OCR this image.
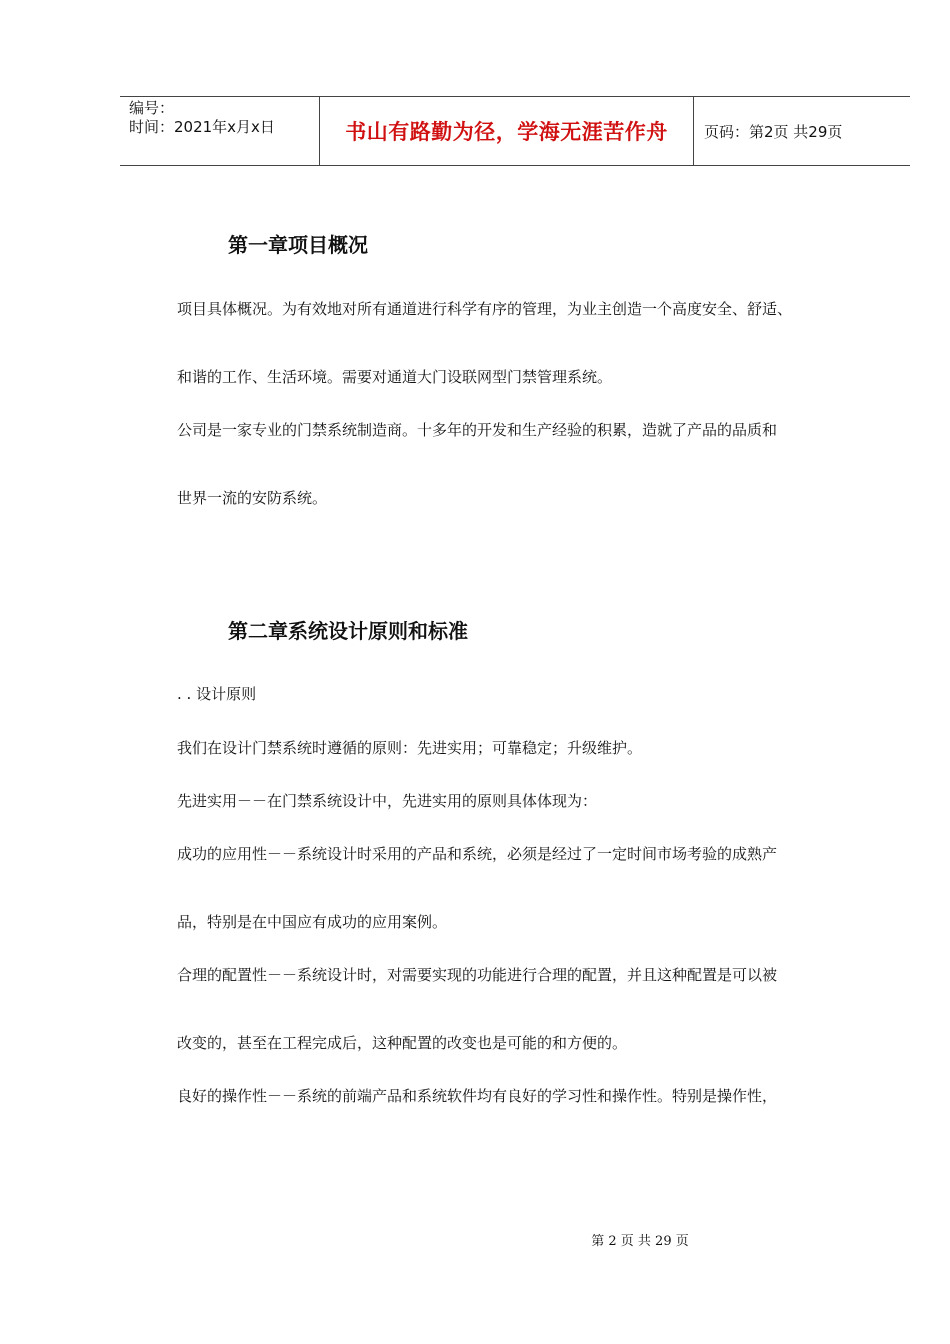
编号：
时间：2021年x月x日	书山有路勤为径，学海无涯苦作舟 页码：第2页 共29页
第一章项目概况
项目具体概况。为有效地对所有通道进行科学有序的管理，为业主创造一个高度安全、舒适、
和谐的工作、生活环境。需要对通道大门设联网型门禁管理系统。
公司是一家专业的门禁系统制造商。十多年的开发和生产经验的积累，造就了产品的品质和
世界一流的安防系统。
第二章系统设计原则和标准
. . 设计原则
我们在设计门禁系统时遵循的原则：先进实用；可靠稳定；升级维护。
先进实用－－在门禁系统设计中，先进实用的原则具体体现为：
成功的应用性－－系统设计时采用的产品和系统，必须是经过了一定时间市场考验的成熟产
品，特别是在中国应有成功的应用案例。
合理的配置性－－系统设计时，对需要实现的功能进行合理的配置，并且这种配置是可以被
改变的，甚至在工程完成后，这种配置的改变也是可能的和方便的。
良好的操作性－－系统的前端产品和系统软件均有良好的学习性和操作性。特别是操作性，
第 2 页 共 29 页
